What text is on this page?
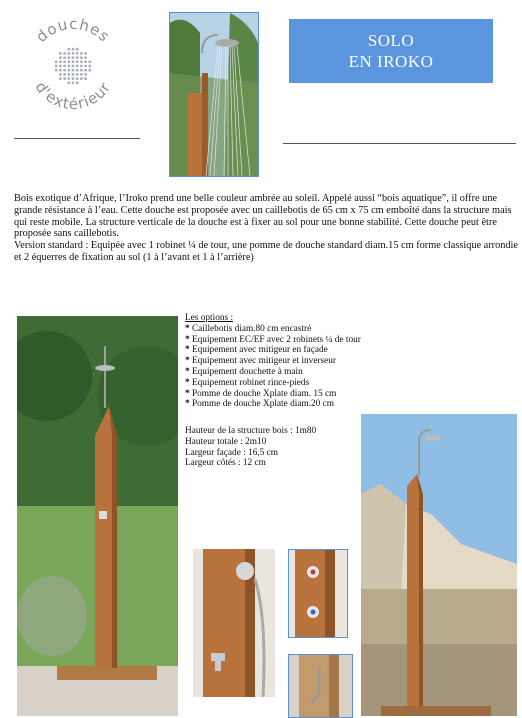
douches
d'extérieur
SOLO
EN IROKO

Bois exotique d’Afrique, l’Iroko prend une belle couleur ambrée au soleil. Appelé aussi “bois aquatique”, il offre une grande résistance à l’eau. Cette douche est proposée avec un caillebotis de 65 cm x 75 cm emboîté dans la structure mais qui reste mobile. La structure verticale de la douche est à fixer au sol pour une bonne stabilité. Cette douche peut être proposée sans caillebotis.

Version standard : Equipée avec 1 robinet ¼ de tour, une pomme de douche standard diam.15 cm forme classique arrondie et 2 équerres de fixation au sol (1 à l’avant et 1 à l’arrière)

Les options :
* Caillebotis diam.80 cm encastré
* Equipement EC/EF avec 2 robinets ¼ de tour
* Equipement avec mitigeur en façade
* Equipement avec mitigeur et inverseur
* Equipement douchette à main
* Equipement robinet rince-pieds
* Pomme de douche Xplate diam. 15 cm
* Pomme de douche Xplate diam.20 cm
Hauteur de la structure bois : 1m80
Hauteur totale : 2m10
Largeur façade : 16,5 cm
Largeur côtés : 12 cm
